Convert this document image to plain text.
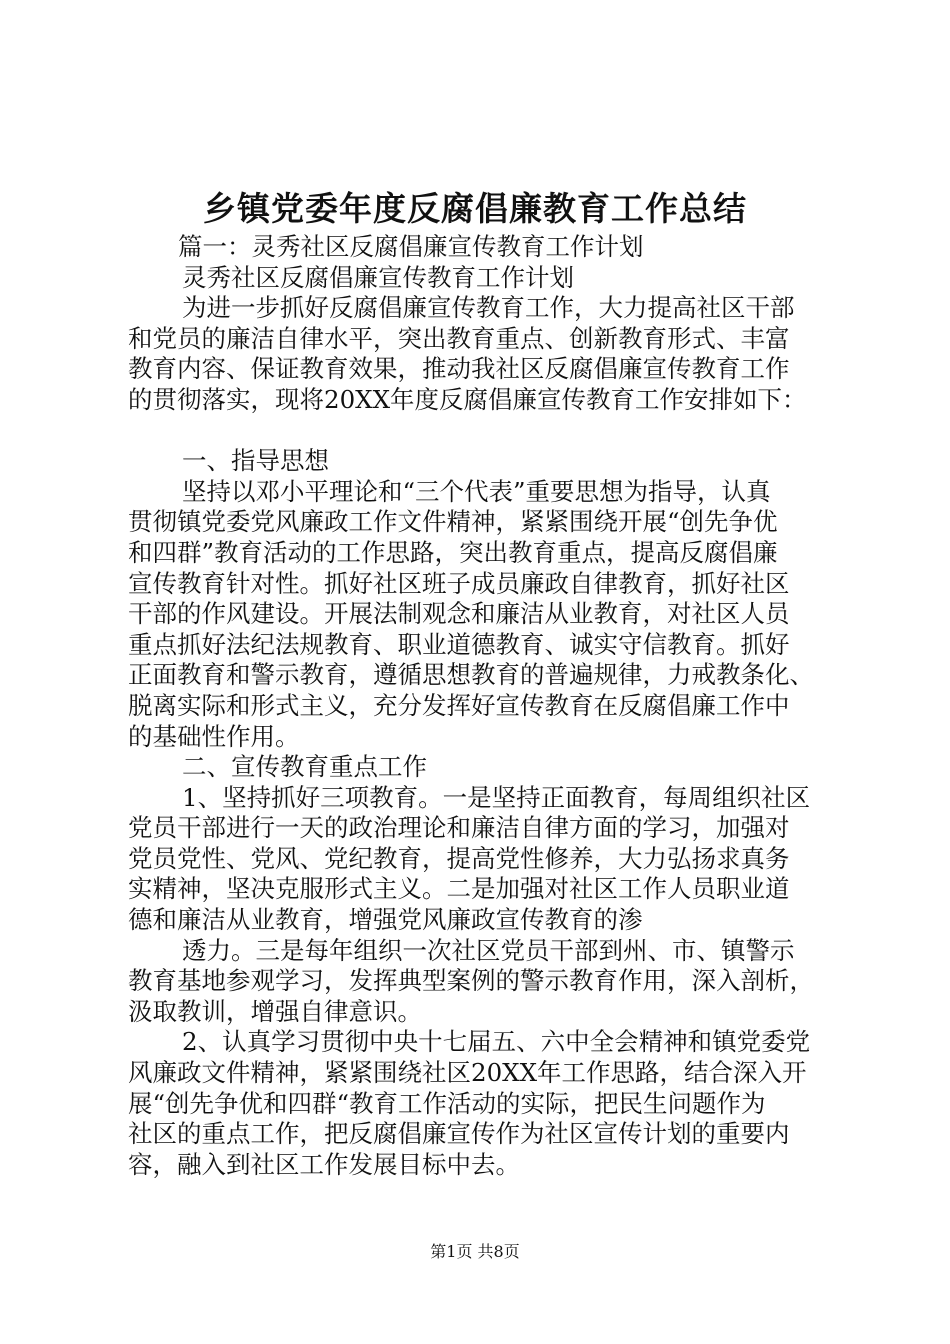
乡镇党委年度反腐倡廉教育工作总结
篇一：灵秀社区反腐倡廉宣传教育工作计划
灵秀社区反腐倡廉宣传教育工作计划
为进一步抓好反腐倡廉宣传教育工作，大力提高社区干部
和党员的廉洁自律水平，突出教育重点、创新教育形式、丰富
教育内容、保证教育效果，推动我社区反腐倡廉宣传教育工作
的贯彻落实，现将20XX年度反腐倡廉宣传教育工作安排如下：
一、指导思想
坚持以邓小平理论和“三个代表”重要思想为指导，认真
贯彻镇党委党风廉政工作文件精神，紧紧围绕开展“创先争优
和四群”教育活动的工作思路，突出教育重点，提高反腐倡廉
宣传教育针对性。抓好社区班子成员廉政自律教育，抓好社区
干部的作风建设。开展法制观念和廉洁从业教育，对社区人员
重点抓好法纪法规教育、职业道德教育、诚实守信教育。抓好
正面教育和警示教育，遵循思想教育的普遍规律，力戒教条化、
脱离实际和形式主义，充分发挥好宣传教育在反腐倡廉工作中
的基础性作用。
二、宣传教育重点工作
1、坚持抓好三项教育。一是坚持正面教育，每周组织社区
党员干部进行一天的政治理论和廉洁自律方面的学习，加强对
党员党性、党风、党纪教育，提高党性修养，大力弘扬求真务
实精神，坚决克服形式主义。二是加强对社区工作人员职业道
德和廉洁从业教育，增强党风廉政宣传教育的渗
透力。三是每年组织一次社区党员干部到州、市、镇警示
教育基地参观学习，发挥典型案例的警示教育作用，深入剖析，
汲取教训，增强自律意识。
2、认真学习贯彻中央十七届五、六中全会精神和镇党委党
风廉政文件精神，紧紧围绕社区20XX年工作思路，结合深入开
展“创先争优和四群“教育工作活动的实际，把民生问题作为
社区的重点工作，把反腐倡廉宣传作为社区宣传计划的重要内
容，融入到社区工作发展目标中去。
第1页 共8页
